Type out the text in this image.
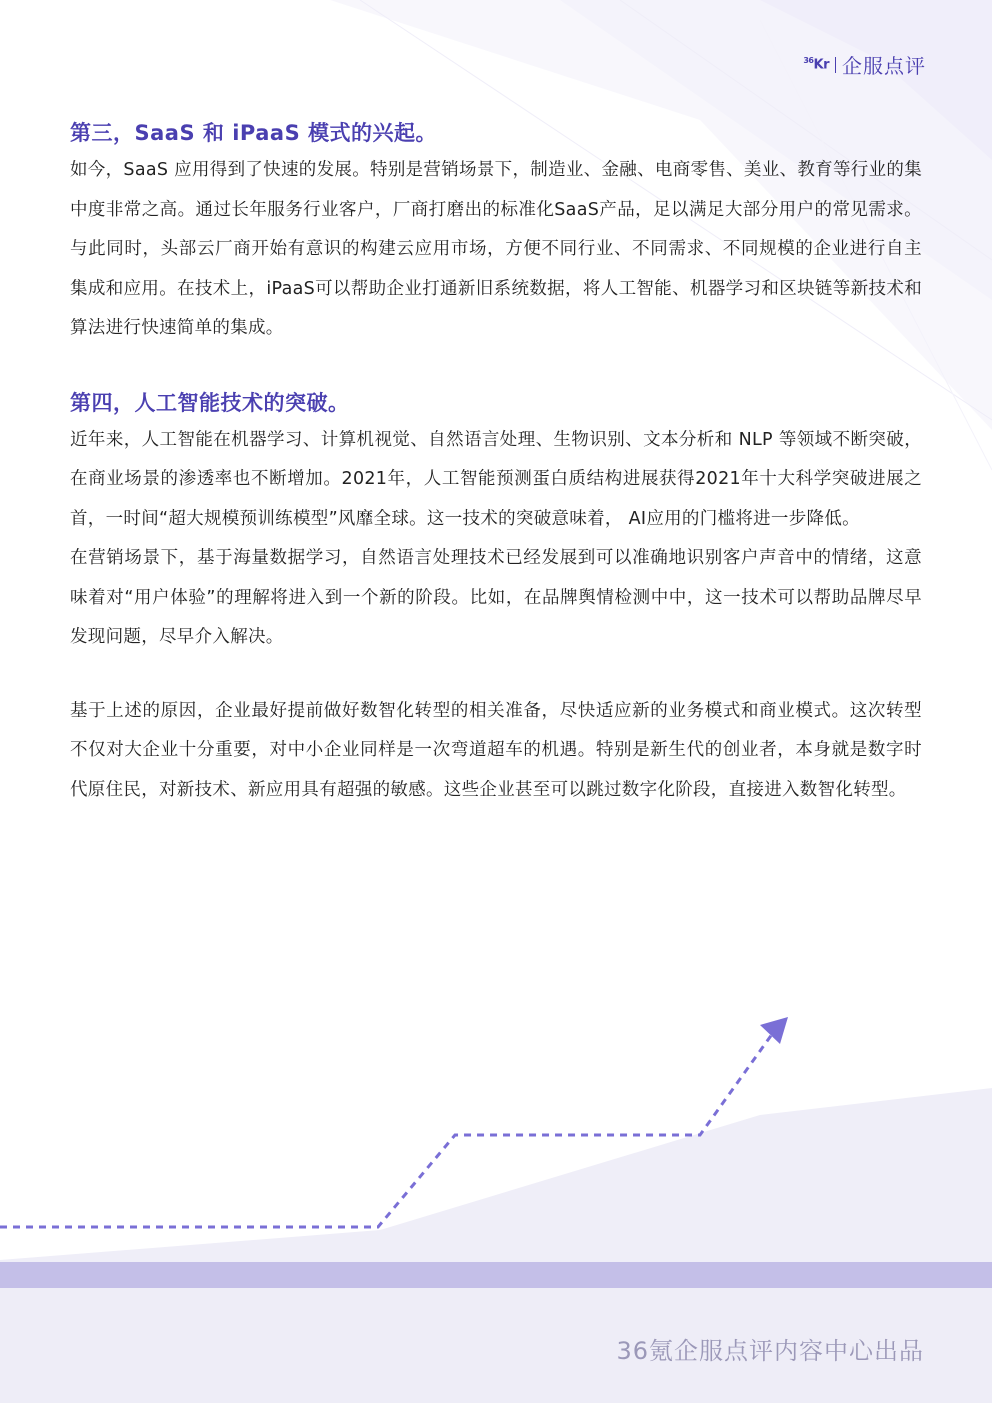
$^{36}$Kr 企服点评
第三，SaaS 和 iPaaS 模式的兴起。

如今，SaaS 应用得到了快速的发展。特别是营销场景下，制造业、金融、电商零售、美业、教育等行业的集中度非常之高。通过长年服务行业客户，厂商打磨出的标准化SaaS产品，足以满足大部分用户的常见需求。与此同时，头部云厂商开始有意识的构建云应用市场，方便不同行业、不同需求、不同规模的企业进行自主集成和应用。在技术上，iPaaS可以帮助企业打通新旧系统数据，将人工智能、机器学习和区块链等新技术和算法进行快速简单的集成。

第四，人工智能技术的突破。

近年来，人工智能在机器学习、计算机视觉、自然语言处理、生物识别、文本分析和 NLP 等领域不断突破，在商业场景的渗透率也不断增加。2021年，人工智能预测蛋白质结构进展获得2021年十大科学突破进展之首，一时间“超大规模预训练模型”风靡全球。这一技术的突破意味着， AI应用的门槛将进一步降低。

在营销场景下，基于海量数据学习，自然语言处理技术已经发展到可以准确地识别客户声音中的情绪，这意 味着对“用户体验”的理解将进入到一个新的阶段。比如，在品牌舆情检测中中，这一技术可以帮助品牌尽早发现问题，尽早介入解决。

基于上述的原因，企业最好提前做好数智化转型的相关准备，尽快适应新的业务模式和商业模式。这次转型不仅对大企业十分重要，对中小企业同样是一次弯道超车的机遇。特别是新生代的创业者，本身就是数字时代原住民，对新技术、新应用具有超强的敏感。这些企业甚至可以跳过数字化阶段，直接进入数智化转型。

36氪企服点评内容中心出品
